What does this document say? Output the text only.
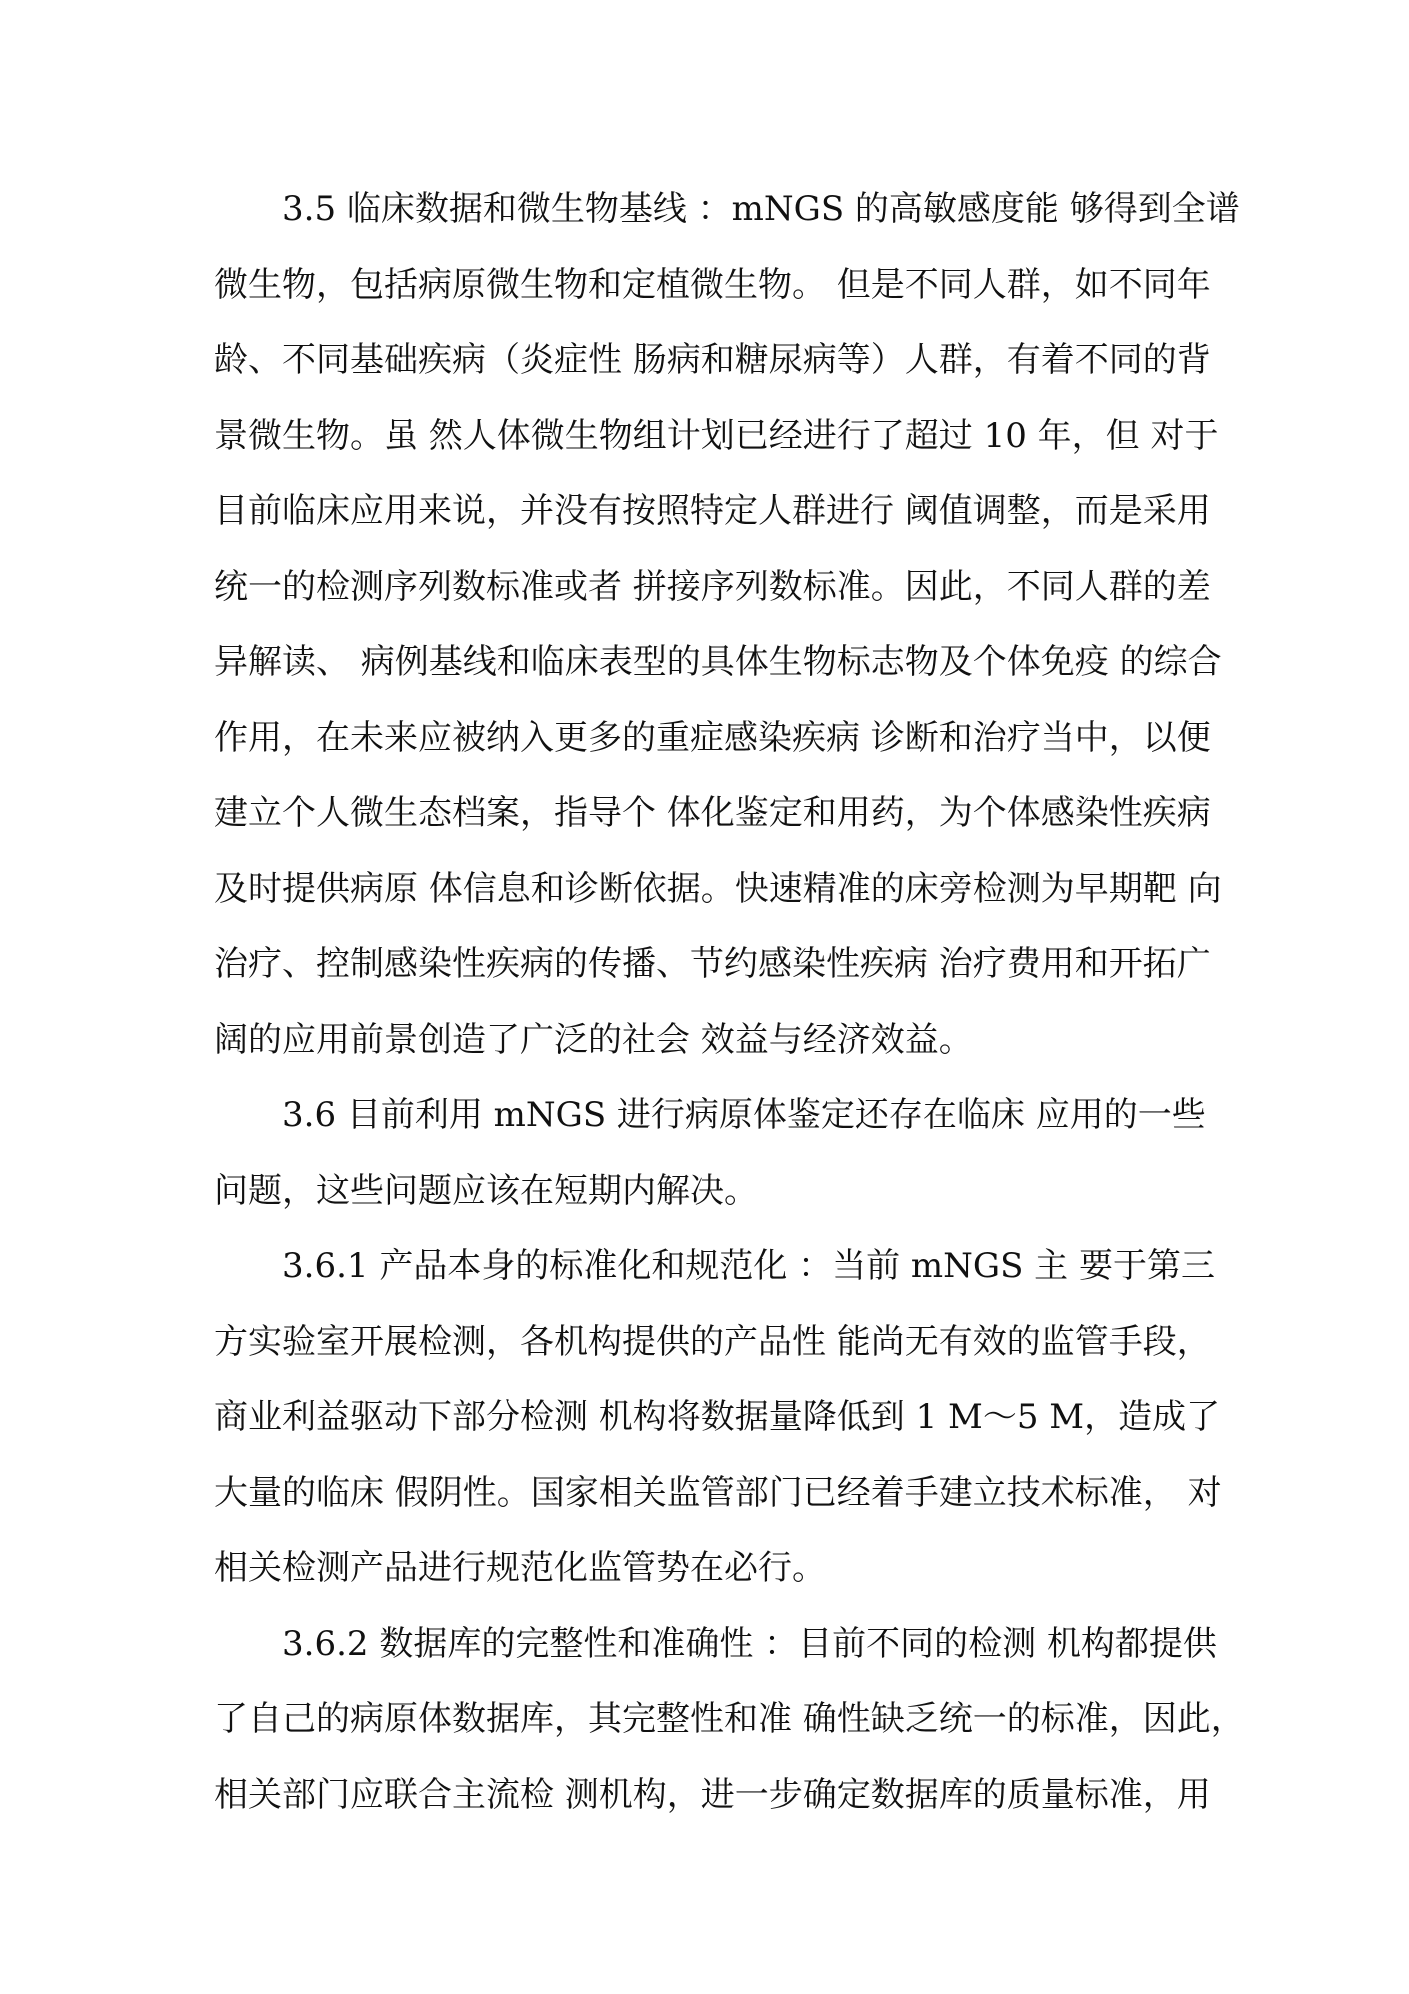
3.5 临床数据和微生物基线 ：mNGS 的高敏感度能 够得到全谱
微生物，包括病原微生物和定植微生物。 但是不同人群，如不同年
龄、不同基础疾病（炎症性 肠病和糖尿病等）人群，有着不同的背
景微生物。虽 然人体微生物组计划已经进行了超过 10 年，但 对于
目前临床应用来说，并没有按照特定人群进行 阈值调整，而是采用
统一的检测序列数标准或者 拼接序列数标准。因此，不同人群的差
异解读、 病例基线和临床表型的具体生物标志物及个体免疫 的综合
作用，在未来应被纳入更多的重症感染疾病 诊断和治疗当中，以便
建立个人微生态档案，指导个 体化鉴定和用药，为个体感染性疾病
及时提供病原 体信息和诊断依据。快速精准的床旁检测为早期靶 向
治疗、控制感染性疾病的传播、节约感染性疾病 治疗费用和开拓广
阔的应用前景创造了广泛的社会 效益与经济效益。
3.6 目前利用 mNGS 进行病原体鉴定还存在临床 应用的一些
问题，这些问题应该在短期内解决。
3.6.1 产品本身的标准化和规范化 ：当前 mNGS 主 要于第三
方实验室开展检测，各机构提供的产品性 能尚无有效的监管手段，
商业利益驱动下部分检测 机构将数据量降低到 1 M～5 M，造成了
大量的临床 假阴性。国家相关监管部门已经着手建立技术标准， 对
相关检测产品进行规范化监管势在必行。
3.6.2 数据库的完整性和准确性 ：目前不同的检测 机构都提供
了自己的病原体数据库，其完整性和准 确性缺乏统一的标准，因此，
相关部门应联合主流检 测机构，进一步确定数据库的质量标准，用
